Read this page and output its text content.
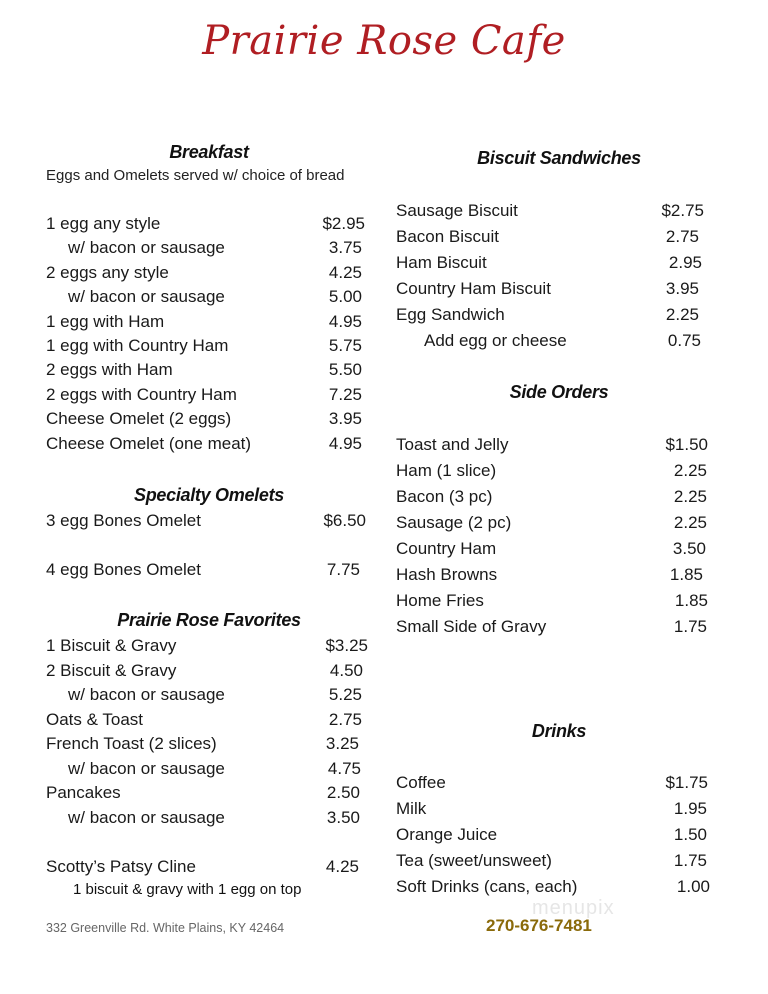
Prairie Rose Cafe
Breakfast
Eggs and Omelets served w/ choice of bread
1 egg any style	$2.95
w/ bacon or sausage	3.75
2 eggs any style	4.25
w/ bacon or sausage	5.00
1 egg with Ham	4.95
1 egg with Country Ham	5.75
2 eggs with Ham	5.50
2 eggs with Country Ham	7.25
Cheese Omelet (2 eggs)	3.95
Cheese Omelet (one meat)	4.95
Specialty Omelets
3 egg Bones Omelet	$6.50
4 egg Bones Omelet	7.75
Prairie Rose Favorites
1 Biscuit & Gravy	$3.25
2 Biscuit & Gravy	4.50
w/ bacon or sausage	5.25
Oats & Toast	2.75
French Toast (2 slices)	3.25
w/ bacon or sausage	4.75
Pancakes	2.50
w/ bacon or sausage	3.50
Scotty’s Patsy Cline	4.25
1 biscuit & gravy with 1 egg on top
Biscuit Sandwiches
Sausage Biscuit	$2.75
Bacon Biscuit	2.75
Ham Biscuit	2.95
Country Ham Biscuit	3.95
Egg Sandwich	2.25
Add egg or cheese	0.75
Side Orders
Toast and Jelly	$1.50
Ham (1 slice)	2.25
Bacon (3 pc)	2.25
Sausage (2 pc)	2.25
Country Ham	3.50
Hash Browns	1.85
Home Fries	1.85
Small Side of Gravy	1.75
Drinks
Coffee	$1.75
Milk	1.95
Orange Juice	1.50
Tea (sweet/unsweet)	1.75
Soft Drinks (cans, each)	1.00
menupix
332 Greenville Rd. White Plains, KY 42464	270-676-7481
